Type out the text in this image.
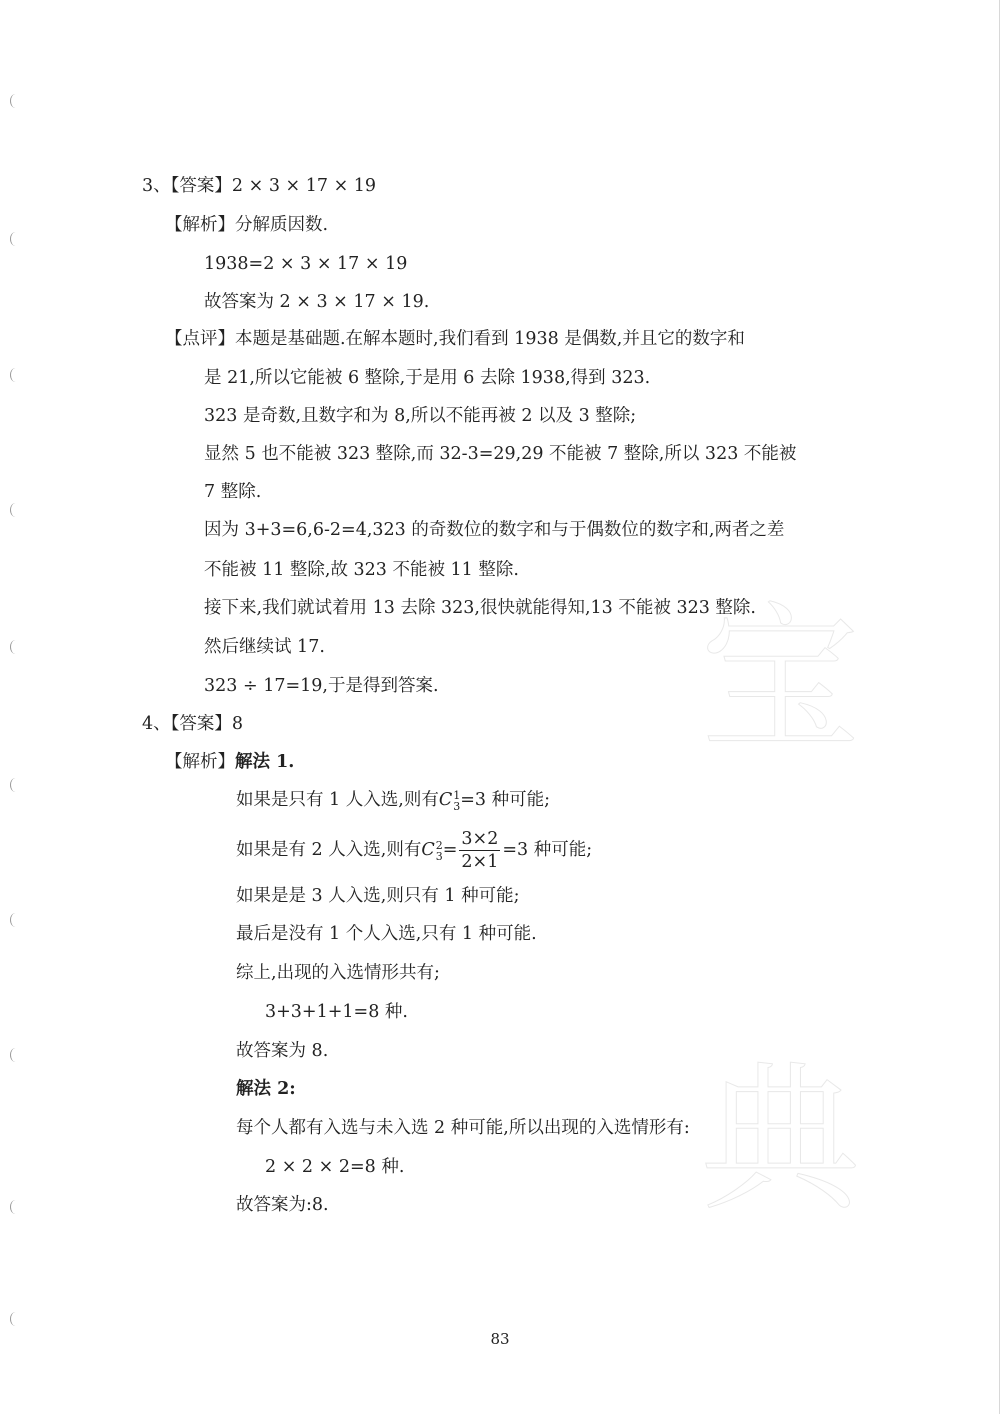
宝
典
3、【答案】2 × 3 × 17 × 19
【解析】分解质因数.
1938=2 × 3 × 17 × 19
故答案为 2 × 3 × 17 × 19.
【点评】本题是基础题.在解本题时,我们看到 1938 是偶数,并且它的数字和
是 21,所以它能被 6 整除,于是用 6 去除 1938,得到 323.
323 是奇数,且数字和为 8,所以不能再被 2 以及 3 整除;
显然 5 也不能被 323 整除,而 32-3=29,29 不能被 7 整除,所以 323 不能被
7 整除.
因为 3+3=6,6-2=4,323 的奇数位的数字和与于偶数位的数字和,两者之差
不能被 11 整除,故 323 不能被 11 整除.
接下来,我们就试着用 13 去除 323,很快就能得知,13 不能被 323 整除.
然后继续试 17.
323 ÷ 17=19,于是得到答案.
4、【答案】8
【解析】解法 1.
如果是只有 1 人入选,则有C 1
3 =3 种可能;
如果是有 2 人入选,则有C 2
$3 = \frac{3\times 2}{2\times 1} =3$ 种可能;
如果是是 3 人入选,则只有 1 种可能;
最后是没有 1 个人入选,只有 1 种可能.
综上,出现的入选情形共有;
3+3+1+1=8 种.
故答案为 8.
解法 2:
每个人都有入选与未入选 2 种可能,所以出现的入选情形有:
2 × 2 × 2=8 种.
故答案为:8.
83
